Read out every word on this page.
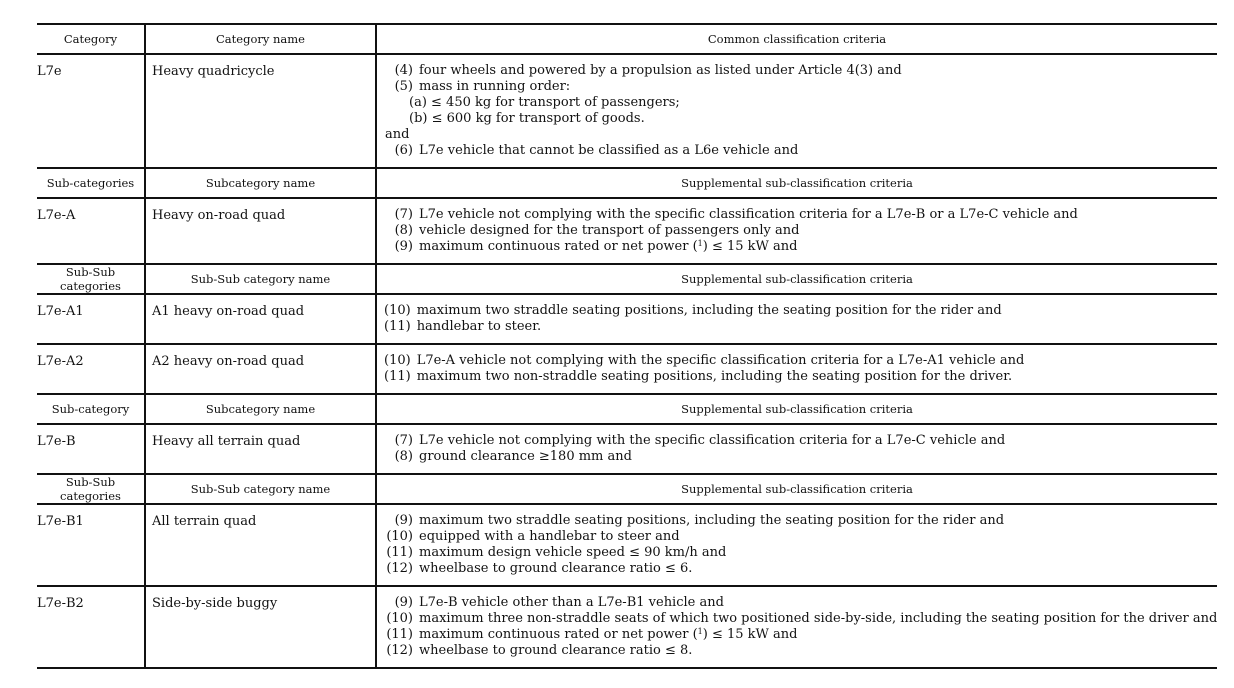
Category	Category name	Common classification criteria
L7e	Heavy quadricycle	(4) four wheels and powered by a propulsion as listed under Article 4(3) and
(5) mass in running order:
(a) ≤ 450 kg for transport of passengers;
(b) ≤ 600 kg for transport of goods.
and
(6) L7e vehicle that cannot be classified as a L6e vehicle and
Sub-categories	Subcategory name	Supplemental sub-classification criteria
L7e-A	Heavy on-road quad	(7) L7e vehicle not complying with the specific classification criteria for a L7e-B or a L7e-C vehicle and
(8) vehicle designed for the transport of passengers only and
(9) maximum continuous rated or net power ($^1$) ≤ 15 kW and
Sub-Sub categories	Sub-Sub category name	Supplemental sub-classification criteria
L7e-A1	A1 heavy on-road quad	(10) maximum two straddle seating positions, including the seating position for the rider and
(11) handlebar to steer.
L7e-A2	A2 heavy on-road quad	(10) L7e-A vehicle not complying with the specific classification criteria for a L7e-A1 vehicle and
(11) maximum two non-straddle seating positions, including the seating position for the driver.
Sub-category	Subcategory name	Supplemental sub-classification criteria
L7e-B	Heavy all terrain quad	(7) L7e vehicle not complying with the specific classification criteria for a L7e-C vehicle and
(8) ground clearance ≥180 mm and
Sub-Sub categories	Sub-Sub category name	Supplemental sub-classification criteria
L7e-B1	All terrain quad	(9) maximum two straddle seating positions, including the seating position for the rider and
(10) equipped with a handlebar to steer and
(11) maximum design vehicle speed ≤ 90 km/h and
(12) wheelbase to ground clearance ratio ≤ 6.
L7e-B2	Side-by-side buggy	(9) L7e-B vehicle other than a L7e-B1 vehicle and
(10) maximum three non-straddle seats of which two positioned side-by-side, including the seating position for the driver and
(11) maximum continuous rated or net power ($^1$) ≤ 15 kW and
(12) wheelbase to ground clearance ratio ≤ 8.
